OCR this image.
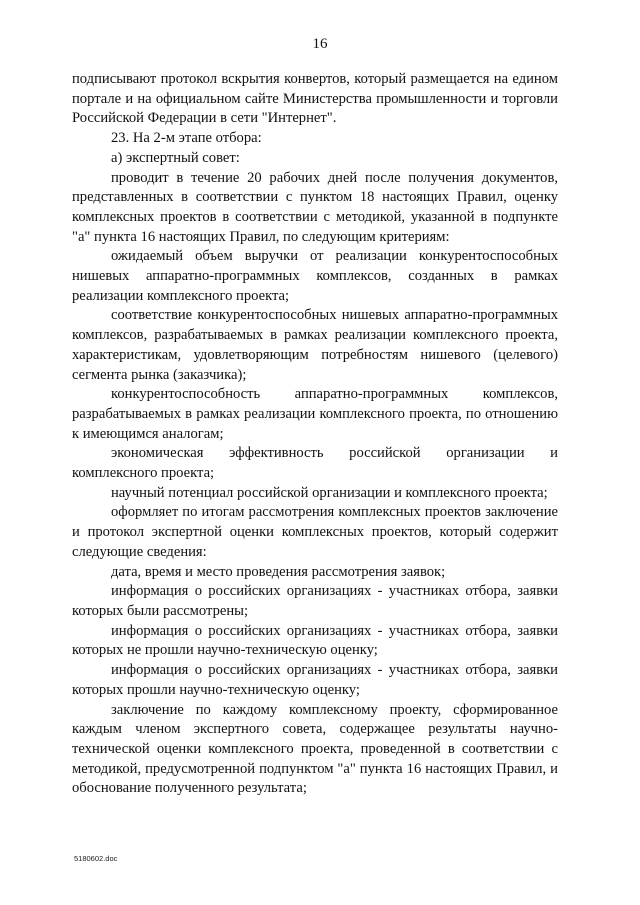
16

подписывают протокол вскрытия конвертов, который размещается на едином портале и на официальном сайте Министерства промышленности и торговли Российской Федерации в сети "Интернет".

23. На 2-м этапе отбора:

а) экспертный совет:

проводит в течение 20 рабочих дней после получения документов, представленных в соответствии с пунктом 18 настоящих Правил, оценку комплексных проектов в соответствии с методикой, указанной в подпункте "а" пункта 16 настоящих Правил, по следующим критериям:

ожидаемый объем выручки от реализации конкурентоспособных нишевых аппаратно-программных комплексов, созданных в рамках реализации комплексного проекта;

соответствие конкурентоспособных нишевых аппаратно-программных комплексов, разрабатываемых в рамках реализации комплексного проекта, характеристикам, удовлетворяющим потребностям нишевого (целевого) сегмента рынка (заказчика);

конкурентоспособность аппаратно-программных комплексов, разрабатываемых в рамках реализации комплексного проекта, по отношению к имеющимся аналогам;

экономическая эффективность российской организации и комплексного проекта;

научный потенциал российской организации и комплексного проекта;

оформляет по итогам рассмотрения комплексных проектов заключение и протокол экспертной оценки комплексных проектов, который содержит следующие сведения:

дата, время и место проведения рассмотрения заявок;

информация о российских организациях - участниках отбора, заявки которых были рассмотрены;

информация о российских организациях - участниках отбора, заявки которых не прошли научно-техническую оценку;

информация о российских организациях - участниках отбора, заявки которых прошли научно-техническую оценку;

заключение по каждому комплексному проекту, сформированное каждым членом экспертного совета, содержащее результаты научно-технической оценки комплексного проекта, проведенной в соответствии с методикой, предусмотренной подпунктом "а" пункта 16 настоящих Правил, и обоснование полученного результата;

5180602.doc
